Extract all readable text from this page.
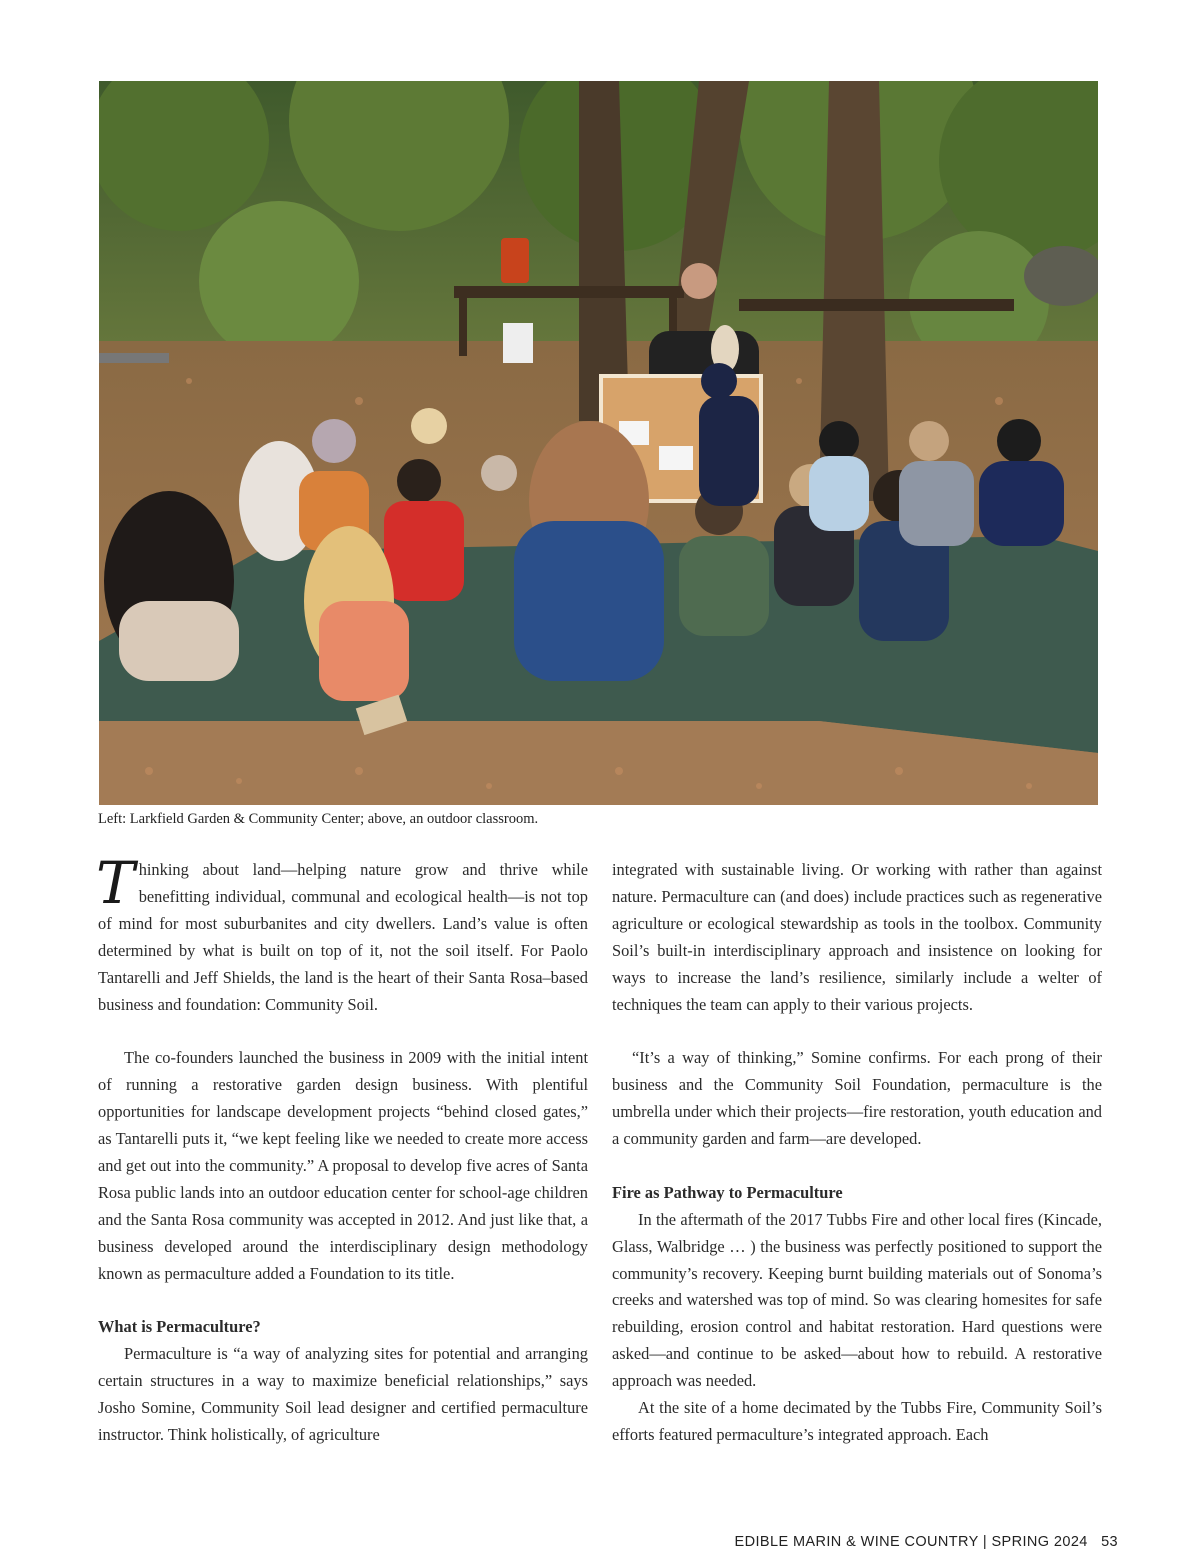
Left: Larkfield Garden & Community Center; above, an outdoor classroom.

Thinking about land—helping nature grow and thrive while benefitting individual, communal and ecological health—is not top of mind for most suburbanites and city dwellers. Land’s value is often determined by what is built on top of it, not the soil itself. For Paolo Tantarelli and Jeff Shields, the land is the heart of their Santa Rosa–based business and foundation: Community Soil.

The co-founders launched the business in 2009 with the initial intent of running a restorative garden design business. With plentiful opportunities for landscape development projects “behind closed gates,” as Tantarelli puts it, “we kept feeling like we needed to create more access and get out into the community.” A proposal to develop five acres of Santa Rosa public lands into an outdoor education center for school-age children and the Santa Rosa community was accepted in 2012. And just like that, a business developed around the interdisciplinary design methodology known as permaculture added a Foundation to its title.

What is Permaculture?

Permaculture is “a way of analyzing sites for potential and arranging certain structures in a way to maximize beneficial relationships,” says Josho Somine, Community Soil lead designer and certified permaculture instructor. Think holistically, of agriculture

integrated with sustainable living. Or working with rather than against nature. Permaculture can (and does) include practices such as regenerative agriculture or ecological stewardship as tools in the toolbox. Community Soil’s built-in interdisciplinary approach and insistence on looking for ways to increase the land’s resilience, similarly include a welter of techniques the team can apply to their various projects.

“It’s a way of thinking,” Somine confirms. For each prong of their business and the Community Soil Foundation, permaculture is the umbrella under which their projects—fire restoration, youth education and a community garden and farm—are developed.

Fire as Pathway to Permaculture

In the aftermath of the 2017 Tubbs Fire and other local fires (Kincade, Glass, Walbridge … ) the business was perfectly positioned to support the community’s recovery. Keeping burnt building materials out of Sonoma’s creeks and watershed was top of mind. So was clearing homesites for safe rebuilding, erosion control and habitat restoration. Hard questions were asked—and continue to be asked—about how to rebuild. A restorative approach was needed.

At the site of a home decimated by the Tubbs Fire, Community Soil’s efforts featured permaculture’s integrated approach. Each

EDIBLE MARIN & WINE COUNTRY | SPRING 2024 53
